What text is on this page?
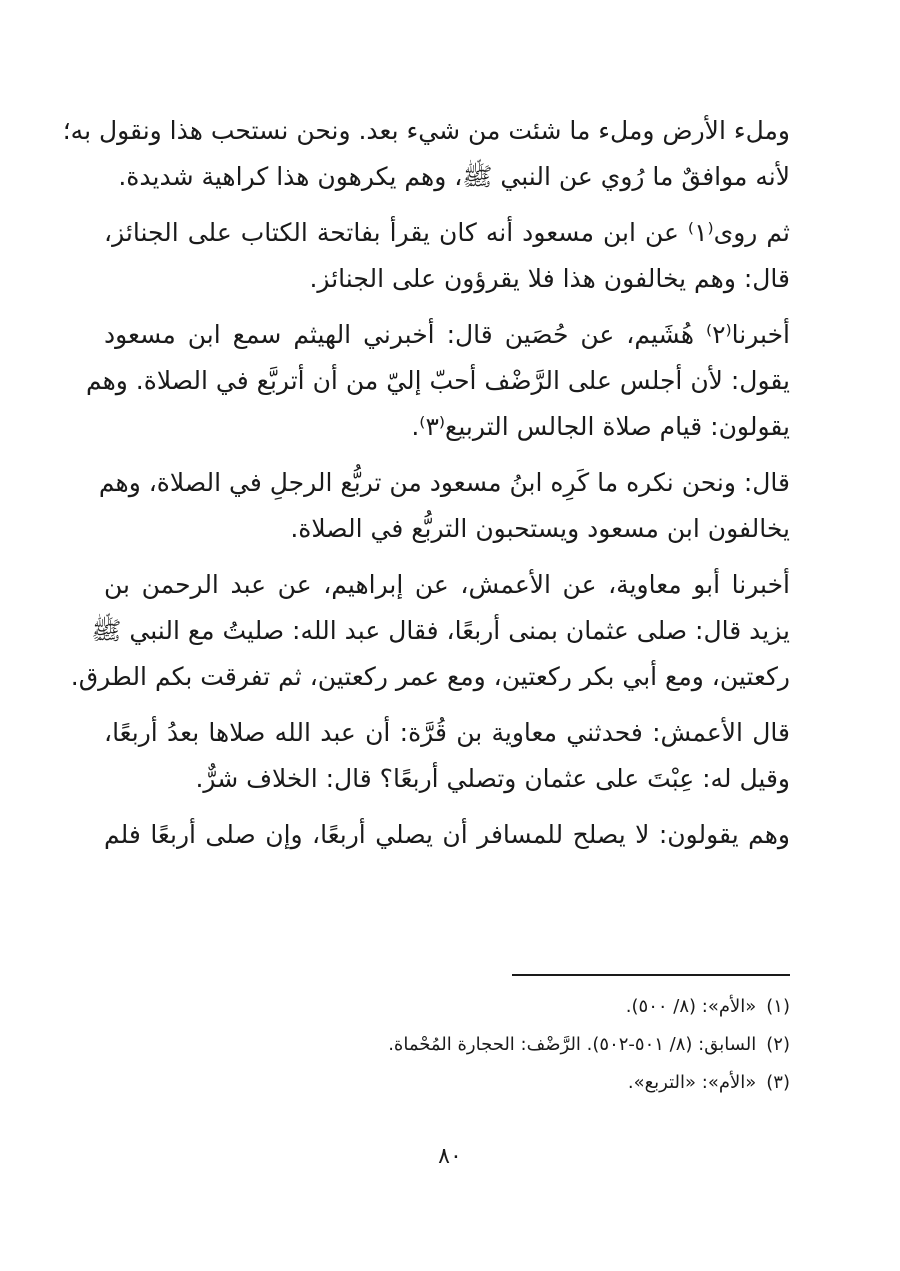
وملء الأرض وملء ما شئت من شيء بعد. ونحن نستحب هذا ونقول به؛
لأنه موافقٌ ما رُوي عن النبي ﷺ، وهم يكرهون هذا كراهية شديدة.

ثم روى⁽١⁾ عن ابن مسعود أنه كان يقرأ بفاتحة الكتاب على الجنائز،
قال: وهم يخالفون هذا فلا يقرؤون على الجنائز.

أخبرنا⁽٢⁾ هُشَيم، عن حُصَين قال: أخبرني الهيثم سمع ابن مسعود
يقول: لأن أجلس على الرَّضْف أحبّ إليّ من أن أتربَّع في الصلاة. وهم
يقولون: قيام صلاة الجالس التربيع⁽٣⁾.

قال: ونحن نكره ما كَرِه ابنُ مسعود من تربُّع الرجلِ في الصلاة، وهم
يخالفون ابن مسعود ويستحبون التربُّع في الصلاة.

أخبرنا أبو معاوية، عن الأعمش، عن إبراهيم، عن عبد الرحمن بن
يزيد قال: صلى عثمان بمنى أربعًا، فقال عبد الله: صليتُ مع النبي ﷺ
ركعتين، ومع أبي بكر ركعتين، ومع عمر ركعتين، ثم تفرقت بكم الطرق.

قال الأعمش: فحدثني معاوية بن قُرَّة: أن عبد الله صلاها بعدُ أربعًا،
وقيل له: عِبْتَ على عثمان وتصلي أربعًا؟ قال: الخلاف شرٌّ.

وهم يقولون: لا يصلح للمسافر أن يصلي أربعًا، وإن صلى أربعًا فلم

(١)«الأم»: (٨/ ٥٠٠).
(٢)السابق: (٨/ ٥٠١-٥٠٢). الرَّضْف: الحجارة المُحْماة.
(٣)«الأم»: «التربع».
٨٠
